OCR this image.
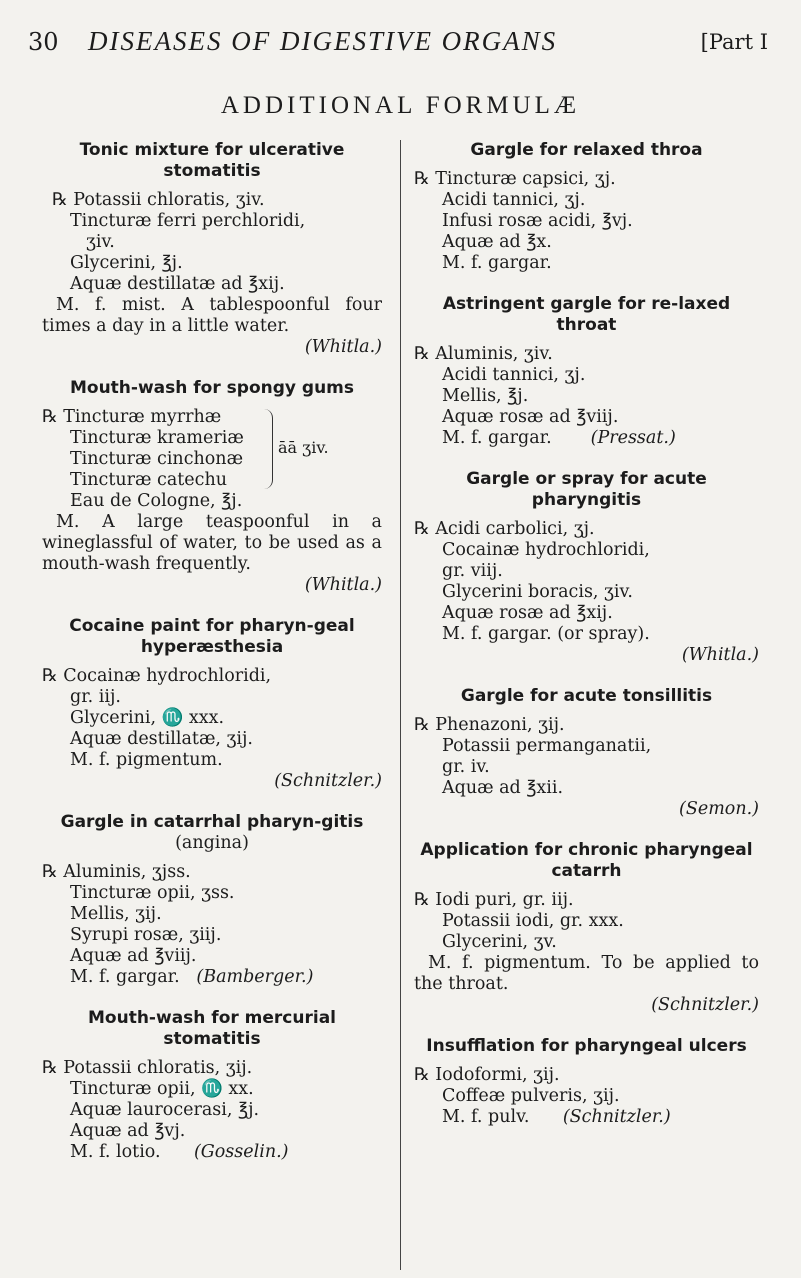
30 DISEASES OF DIGESTIVE ORGANS	[Part I
ADDITIONAL FORMULÆ
Tonic mixture for ulcerative stomatitis
℞ Potassii chloratis, ʒiv.
Tincturæ ferri perchloridi,
ʒiv.
Glycerini, ℥j.
Aquæ destillatæ ad ℥xij.
M. f. mist. A tablespoonful four times a day in a little water.
(Whitla.)
Mouth-wash for spongy gums
℞ Tincturæ myrrhæ
Tincturæ krameriæ
Tincturæ cinchonæ
Tincturæ catechu
āā ʒiv.
Eau de Cologne, ℥j.
M. A large teaspoonful in a wineglassful of water, to be used as a mouth-wash frequently.
(Whitla.)
Cocaine paint for pharyn-geal hyperæsthesia
℞ Cocainæ hydrochloridi,
gr. iij.
Glycerini, ♏ xxx.
Aquæ destillatæ, ʒij.
M. f. pigmentum.
(Schnitzler.)
Gargle in catarrhal pharyn-gitis
(angina)
℞ Aluminis, ʒjss.
Tincturæ opii, ʒss.
Mellis, ʒij.
Syrupi rosæ, ʒiij.
Aquæ ad ℥viij.
M. f. gargar. (Bamberger.)
Mouth-wash for mercurial stomatitis
℞ Potassii chloratis, ʒij.
Tincturæ opii, ♏ xx.
Aquæ laurocerasi, ℥j.
Aquæ ad ℥vj.
M. f. lotio. (Gosselin.)
Gargle for relaxed throa
℞ Tincturæ capsici, ʒj.
Acidi tannici, ʒj.
Infusi rosæ acidi, ℥vj.
Aquæ ad ℥x.
M. f. gargar.
Astringent gargle for re-laxed throat
℞ Aluminis, ʒiv.
Acidi tannici, ʒj.
Mellis, ℥j.
Aquæ rosæ ad ℥viij.
M. f. gargar. (Pressat.)
Gargle or spray for acute pharyngitis
℞ Acidi carbolici, ʒj.
Cocainæ hydrochloridi,
gr. viij.
Glycerini boracis, ʒiv.
Aquæ rosæ ad ℥xij.
M. f. gargar. (or spray).
(Whitla.)
Gargle for acute tonsillitis
℞ Phenazoni, ʒij.
Potassii permanganatii,
gr. iv.
Aquæ ad ℥xii.
(Semon.)
Application for chronic pharyngeal catarrh
℞ Iodi puri, gr. iij.
Potassii iodi, gr. xxx.
Glycerini, ʒv.
M. f. pigmentum. To be applied to the throat.
(Schnitzler.)
Insufflation for pharyngeal ulcers
℞ Iodoformi, ʒij.
Coffeæ pulveris, ʒij.
M. f. pulv. (Schnitzler.)
